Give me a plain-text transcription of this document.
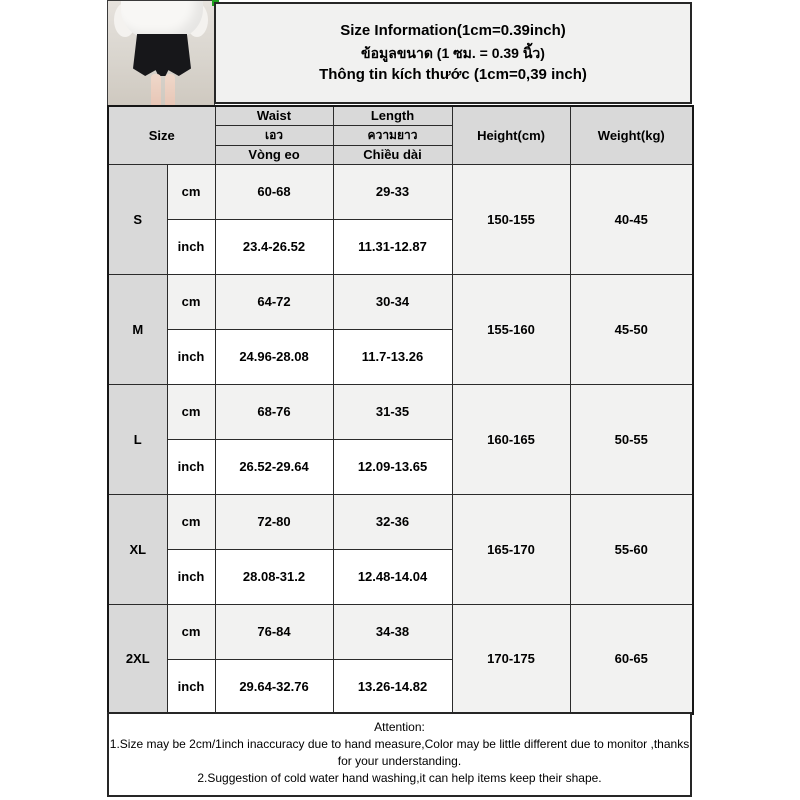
Size Information(1cm=0.39inch)
ข้อมูลขนาด (1 ซม. = 0.39 นิ้ว)
Thông tin kích thước (1cm=0,39 inch)
Size		Waist	Length	Height(cm)	Weight(kg)
		เอว	ความยาว		
		Vòng eo	Chiều dài		
S	cm	60-68	29-33	150-155	40-45
	inch	23.4-26.52	11.31-12.87		
M	cm	64-72	30-34	155-160	45-50
	inch	24.96-28.08	11.7-13.26		
L	cm	68-76	31-35	160-165	50-55
	inch	26.52-29.64	12.09-13.65		
XL	cm	72-80	32-36	165-170	55-60
	inch	28.08-31.2	12.48-14.04		
2XL	cm	76-84	34-38	170-175	60-65
	inch	29.64-32.76	13.26-14.82		
Attention:
1.Size may be 2cm/1inch inaccuracy due to hand measure,Color may be little different due to monitor ,thanks for your understanding.
2.Suggestion of cold water hand washing,it can help items keep their shape.
